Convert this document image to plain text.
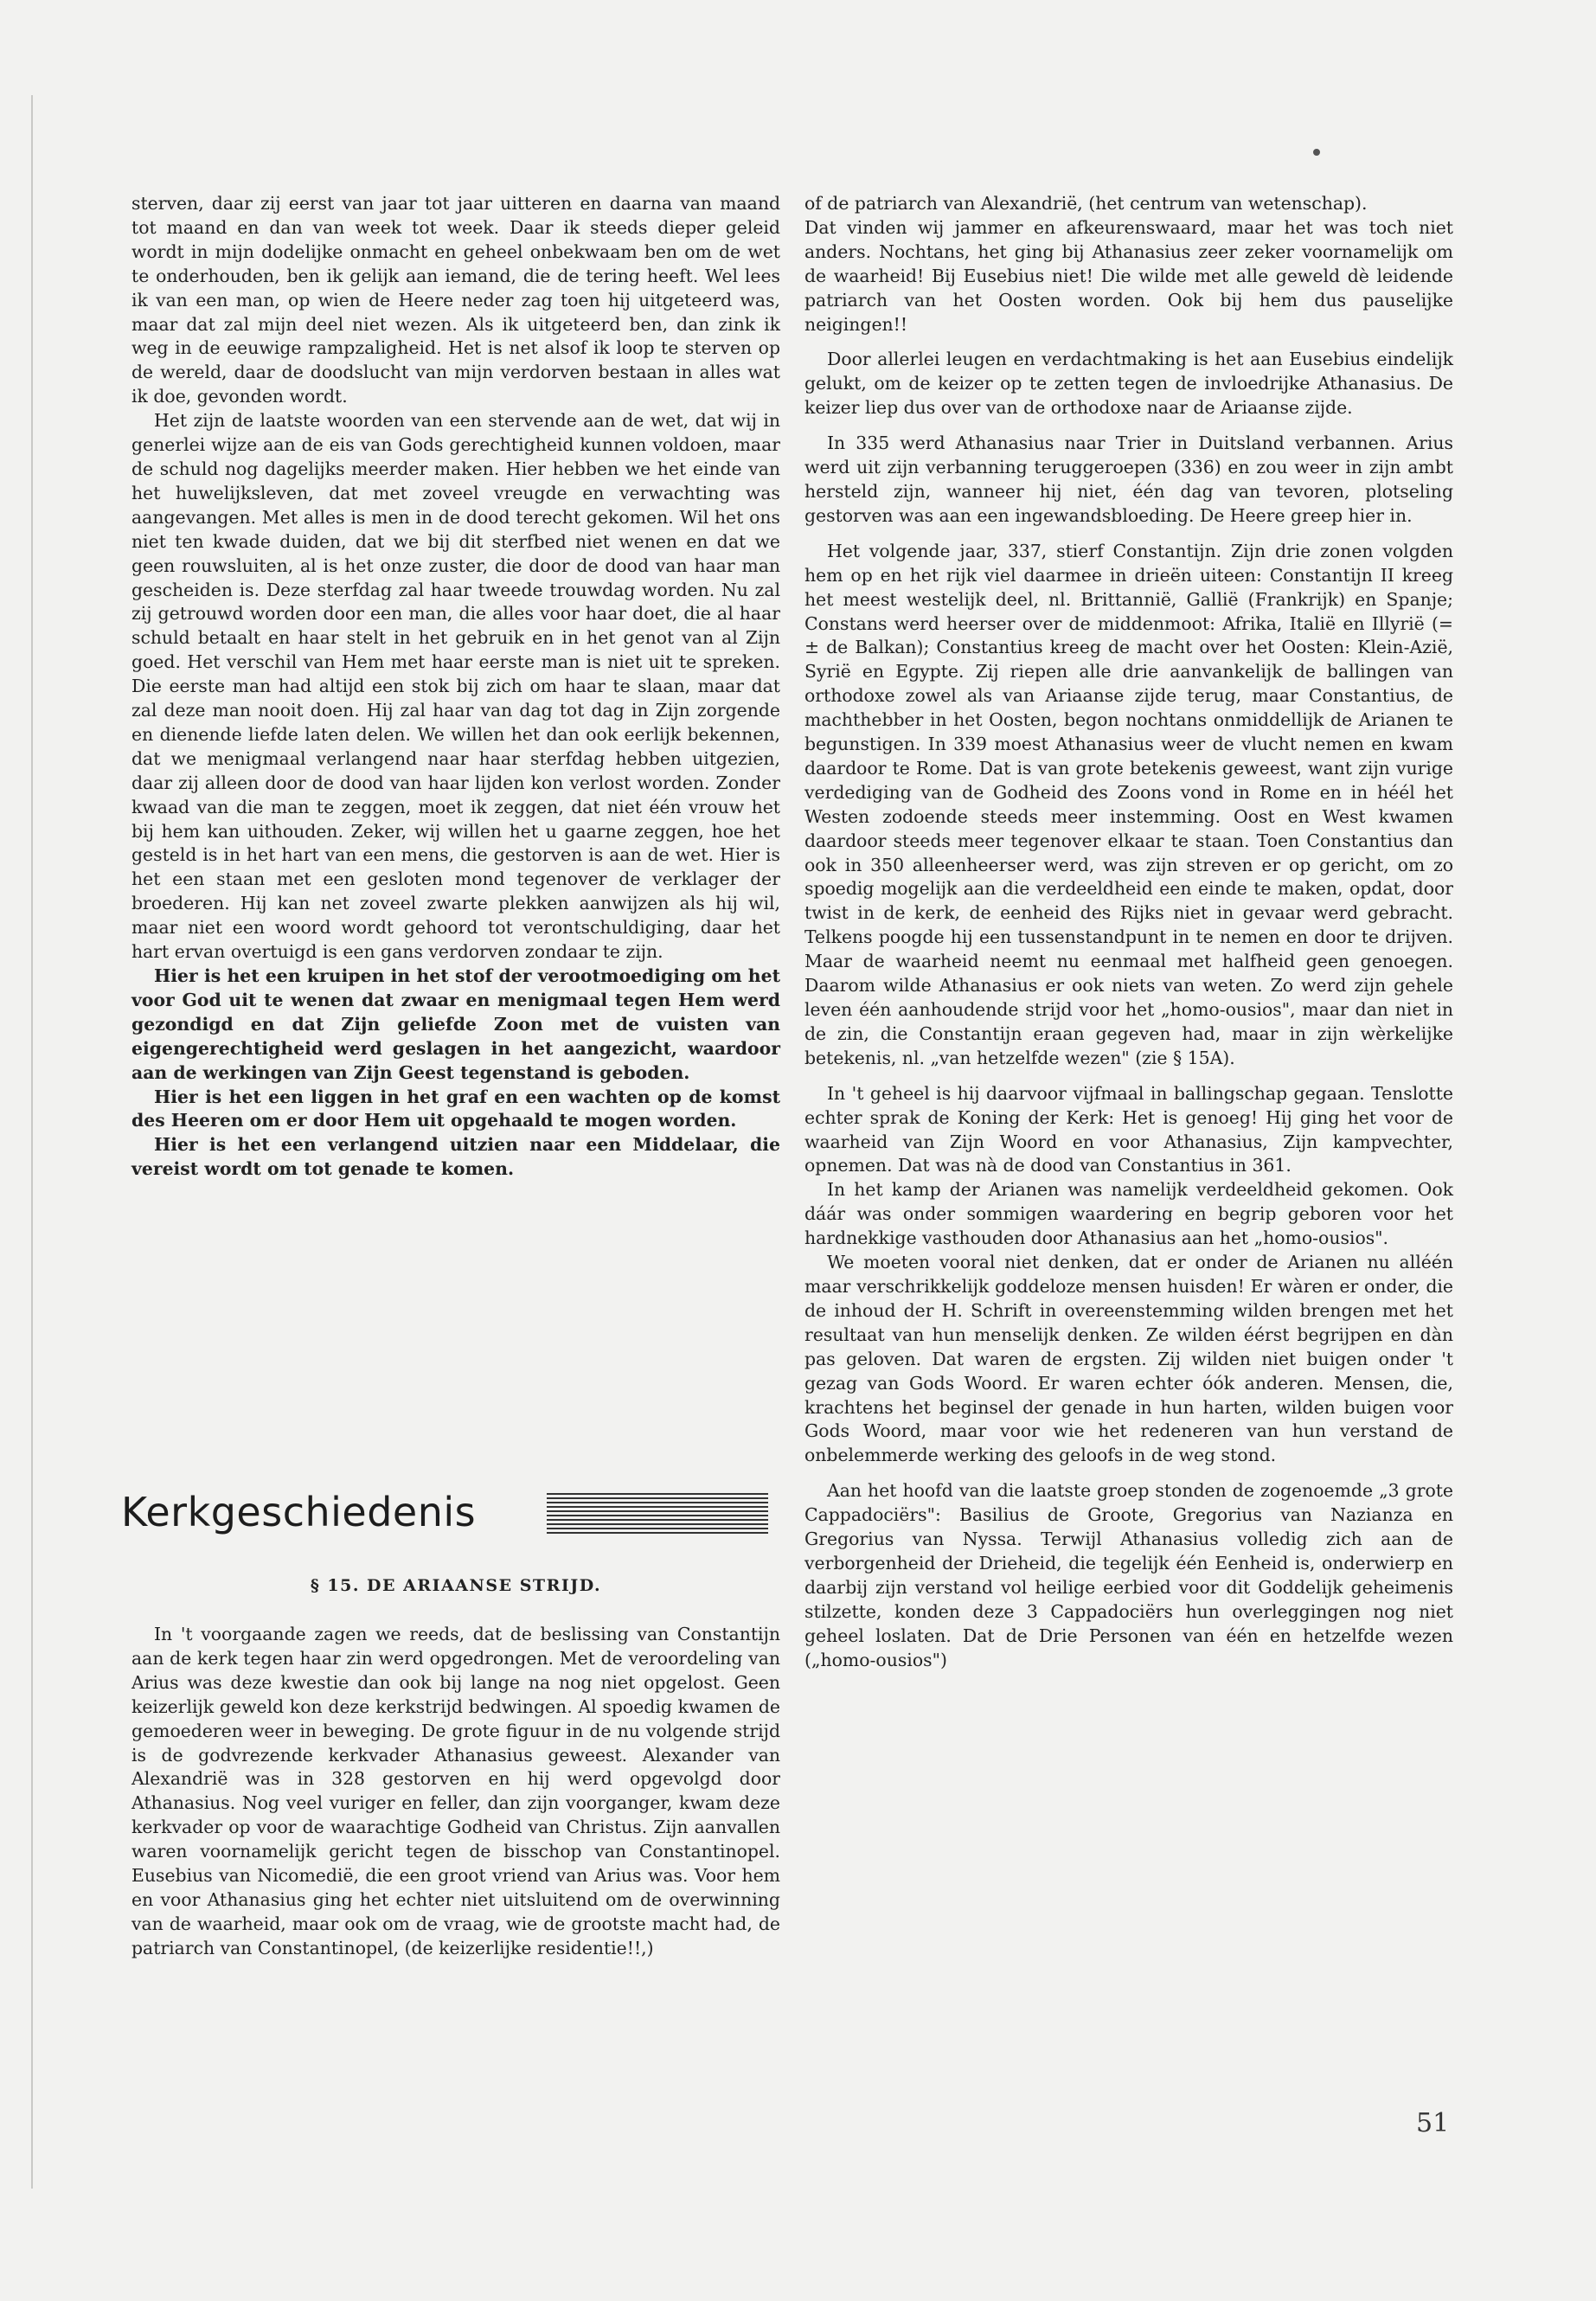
sterven, daar zij eerst van jaar tot jaar uitteren en daarna van maand tot maand en dan van week tot week. Daar ik steeds dieper geleid wordt in mijn dodelijke onmacht en geheel onbekwaam ben om de wet te onderhouden, ben ik gelijk aan iemand, die de tering heeft. Wel lees ik van een man, op wien de Heere neder zag toen hij uitgeteerd was, maar dat zal mijn deel niet wezen. Als ik uitgeteerd ben, dan zink ik weg in de eeuwige rampzaligheid. Het is net alsof ik loop te sterven op de wereld, daar de doodslucht van mijn verdorven bestaan in alles wat ik doe, gevonden wordt.

Het zijn de laatste woorden van een stervende aan de wet, dat wij in generlei wijze aan de eis van Gods gerechtigheid kunnen voldoen, maar de schuld nog dagelijks meerder maken. Hier hebben we het einde van het huwelijksleven, dat met zoveel vreugde en verwachting was aangevangen. Met alles is men in de dood terecht gekomen. Wil het ons niet ten kwade duiden, dat we bij dit sterfbed niet wenen en dat we geen rouwsluiten, al is het onze zuster, die door de dood van haar man gescheiden is. Deze sterfdag zal haar tweede trouwdag worden. Nu zal zij getrouwd worden door een man, die alles voor haar doet, die al haar schuld betaalt en haar stelt in het gebruik en in het genot van al Zijn goed. Het verschil van Hem met haar eerste man is niet uit te spreken. Die eerste man had altijd een stok bij zich om haar te slaan, maar dat zal deze man nooit doen. Hij zal haar van dag tot dag in Zijn zorgende en dienende liefde laten delen. We willen het dan ook eerlijk bekennen, dat we menigmaal verlangend naar haar sterfdag hebben uitgezien, daar zij alleen door de dood van haar lijden kon verlost worden. Zonder kwaad van die man te zeggen, moet ik zeggen, dat niet één vrouw het bij hem kan uithouden. Zeker, wij willen het u gaarne zeggen, hoe het gesteld is in het hart van een mens, die gestorven is aan de wet. Hier is het een staan met een gesloten mond tegenover de verklager der broederen. Hij kan net zoveel zwarte plekken aanwijzen als hij wil, maar niet een woord wordt gehoord tot verontschuldiging, daar het hart ervan overtuigd is een gans verdorven zondaar te zijn.

Hier is het een kruipen in het stof der verootmoediging om het voor God uit te wenen dat zwaar en menigmaal tegen Hem werd gezondigd en dat Zijn geliefde Zoon met de vuisten van eigengerechtigheid werd geslagen in het aangezicht, waardoor aan de werkingen van Zijn Geest tegenstand is geboden.

Hier is het een liggen in het graf en een wachten op de komst des Heeren om er door Hem uit opgehaald te mogen worden.

Hier is het een verlangend uitzien naar een Middelaar, die vereist wordt om tot genade te komen.

Kerkgeschiedenis

§ 15. DE ARIAANSE STRIJD.

In 't voorgaande zagen we reeds, dat de beslissing van Constantijn aan de kerk tegen haar zin werd opgedrongen. Met de veroordeling van Arius was deze kwestie dan ook bij lange na nog niet opgelost. Geen keizerlijk geweld kon deze kerkstrijd bedwingen. Al spoedig kwamen de gemoederen weer in beweging. De grote figuur in de nu volgende strijd is de godvrezende kerkvader Athanasius geweest. Alexander van Alexandrië was in 328 gestorven en hij werd opgevolgd door Athanasius. Nog veel vuriger en feller, dan zijn voorganger, kwam deze kerkvader op voor de waarachtige Godheid van Christus. Zijn aanvallen waren voornamelijk gericht tegen de bisschop van Constantinopel. Eusebius van Nicomedië, die een groot vriend van Arius was. Voor hem en voor Athanasius ging het echter niet uitsluitend om de overwinning van de waarheid, maar ook om de vraag, wie de grootste macht had, de patriarch van Constantinopel, (de keizerlijke residentie!!,)

of de patriarch van Alexandrië, (het centrum van wetenschap).

Dat vinden wij jammer en afkeurenswaard, maar het was toch niet anders. Nochtans, het ging bij Athanasius zeer zeker voornamelijk om de waarheid! Bij Eusebius niet! Die wilde met alle geweld dè leidende patriarch van het Oosten worden. Ook bij hem dus pauselijke neigingen!!

Door allerlei leugen en verdachtmaking is het aan Eusebius eindelijk gelukt, om de keizer op te zetten tegen de invloedrijke Athanasius. De keizer liep dus over van de orthodoxe naar de Ariaanse zijde.

In 335 werd Athanasius naar Trier in Duitsland verbannen. Arius werd uit zijn verbanning teruggeroepen (336) en zou weer in zijn ambt hersteld zijn, wanneer hij niet, één dag van tevoren, plotseling gestorven was aan een ingewandsbloeding. De Heere greep hier in.

Het volgende jaar, 337, stierf Constantijn. Zijn drie zonen volgden hem op en het rijk viel daarmee in drieën uiteen: Constantijn II kreeg het meest westelijk deel, nl. Brittannië, Gallië (Frankrijk) en Spanje; Constans werd heerser over de middenmoot: Afrika, Italië en Illyrië (= ± de Balkan); Constantius kreeg de macht over het Oosten: Klein-Azië, Syrië en Egypte. Zij riepen alle drie aanvankelijk de ballingen van orthodoxe zowel als van Ariaanse zijde terug, maar Constantius, de machthebber in het Oosten, begon nochtans onmiddellijk de Arianen te begunstigen. In 339 moest Athanasius weer de vlucht nemen en kwam daardoor te Rome. Dat is van grote betekenis geweest, want zijn vurige verdediging van de Godheid des Zoons vond in Rome en in héél het Westen zodoende steeds meer instemming. Oost en West kwamen daardoor steeds meer tegenover elkaar te staan. Toen Constantius dan ook in 350 alleenheerser werd, was zijn streven er op gericht, om zo spoedig mogelijk aan die verdeeldheid een einde te maken, opdat, door twist in de kerk, de eenheid des Rijks niet in gevaar werd gebracht. Telkens poogde hij een tussenstandpunt in te nemen en door te drijven. Maar de waarheid neemt nu eenmaal met halfheid geen genoegen. Daarom wilde Athanasius er ook niets van weten. Zo werd zijn gehele leven één aanhoudende strijd voor het „homo-ousios", maar dan niet in de zin, die Constantijn eraan gegeven had, maar in zijn wèrkelijke betekenis, nl. „van hetzelfde wezen" (zie § 15A).

In 't geheel is hij daarvoor vijfmaal in ballingschap gegaan. Tenslotte echter sprak de Koning der Kerk: Het is genoeg! Hij ging het voor de waarheid van Zijn Woord en voor Athanasius, Zijn kampvechter, opnemen. Dat was nà de dood van Constantius in 361.

In het kamp der Arianen was namelijk verdeeldheid gekomen. Ook dáár was onder sommigen waardering en begrip geboren voor het hardnekkige vasthouden door Athanasius aan het „homo-ousios".

We moeten vooral niet denken, dat er onder de Arianen nu alléén maar verschrikkelijk goddeloze mensen huisden! Er wàren er onder, die de inhoud der H. Schrift in overeenstemming wilden brengen met het resultaat van hun menselijk denken. Ze wilden éérst begrijpen en dàn pas geloven. Dat waren de ergsten. Zij wilden niet buigen onder 't gezag van Gods Woord. Er waren echter óók anderen. Mensen, die, krachtens het beginsel der genade in hun harten, wilden buigen voor Gods Woord, maar voor wie het redeneren van hun verstand de onbelemmerde werking des geloofs in de weg stond.

Aan het hoofd van die laatste groep stonden de zogenoemde „3 grote Cappadociërs": Basilius de Groote, Gregorius van Nazianza en Gregorius van Nyssa. Terwijl Athanasius volledig zich aan de verborgenheid der Drieheid, die tegelijk één Eenheid is, onderwierp en daarbij zijn verstand vol heilige eerbied voor dit Goddelijk geheimenis stilzette, konden deze 3 Cappadociërs hun overleggingen nog niet geheel loslaten. Dat de Drie Personen van één en hetzelfde wezen („homo-ousios")

51
